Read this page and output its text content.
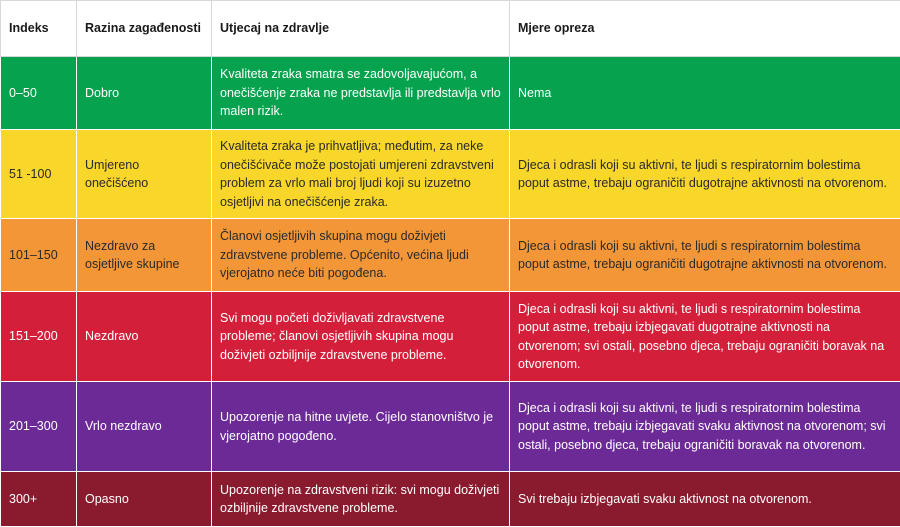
Indeks	Razina zagađenosti	Utjecaj na zdravlje	Mjere opreza
0–50	Dobro	Kvaliteta zraka smatra se zadovoljavajućom, a onečišćenje zraka ne predstavlja ili predstavlja vrlo malen rizik.	Nema
51 -100	Umjereno onečišćeno	Kvaliteta zraka je prihvatljiva; međutim, za neke onečišćivače može postojati umjereni zdravstveni problem za vrlo mali broj ljudi koji su izuzetno osjetljivi na onečišćenje zraka.	Djeca i odrasli koji su aktivni, te ljudi s respiratornim bolestima poput astme, trebaju ograničiti dugotrajne aktivnosti na otvorenom.
101–150	Nezdravo za osjetljive skupine	Članovi osjetljivih skupina mogu doživjeti zdravstvene probleme. Općenito, većina ljudi vjerojatno neće biti pogođena.	Djeca i odrasli koji su aktivni, te ljudi s respiratornim bolestima poput astme, trebaju ograničiti dugotrajne aktivnosti na otvorenom.
151–200	Nezdravo	Svi mogu početi doživljavati zdravstvene probleme; članovi osjetljivih skupina mogu doživjeti ozbiljnije zdravstvene probleme.	Djeca i odrasli koji su aktivni, te ljudi s respiratornim bolestima poput astme, trebaju izbjegavati dugotrajne aktivnosti na otvorenom; svi ostali, posebno djeca, trebaju ograničiti boravak na otvorenom.
201–300	Vrlo nezdravo	Upozorenje na hitne uvjete. Cijelo stanovništvo je vjerojatno pogođeno.	Djeca i odrasli koji su aktivni, te ljudi s respiratornim bolestima poput astme, trebaju izbjegavati svaku aktivnost na otvorenom; svi ostali, posebno djeca, trebaju ograničiti boravak na otvorenom.
300+	Opasno	Upozorenje na zdravstveni rizik: svi mogu doživjeti ozbiljnije zdravstvene probleme.	Svi trebaju izbjegavati svaku aktivnost na otvorenom.
